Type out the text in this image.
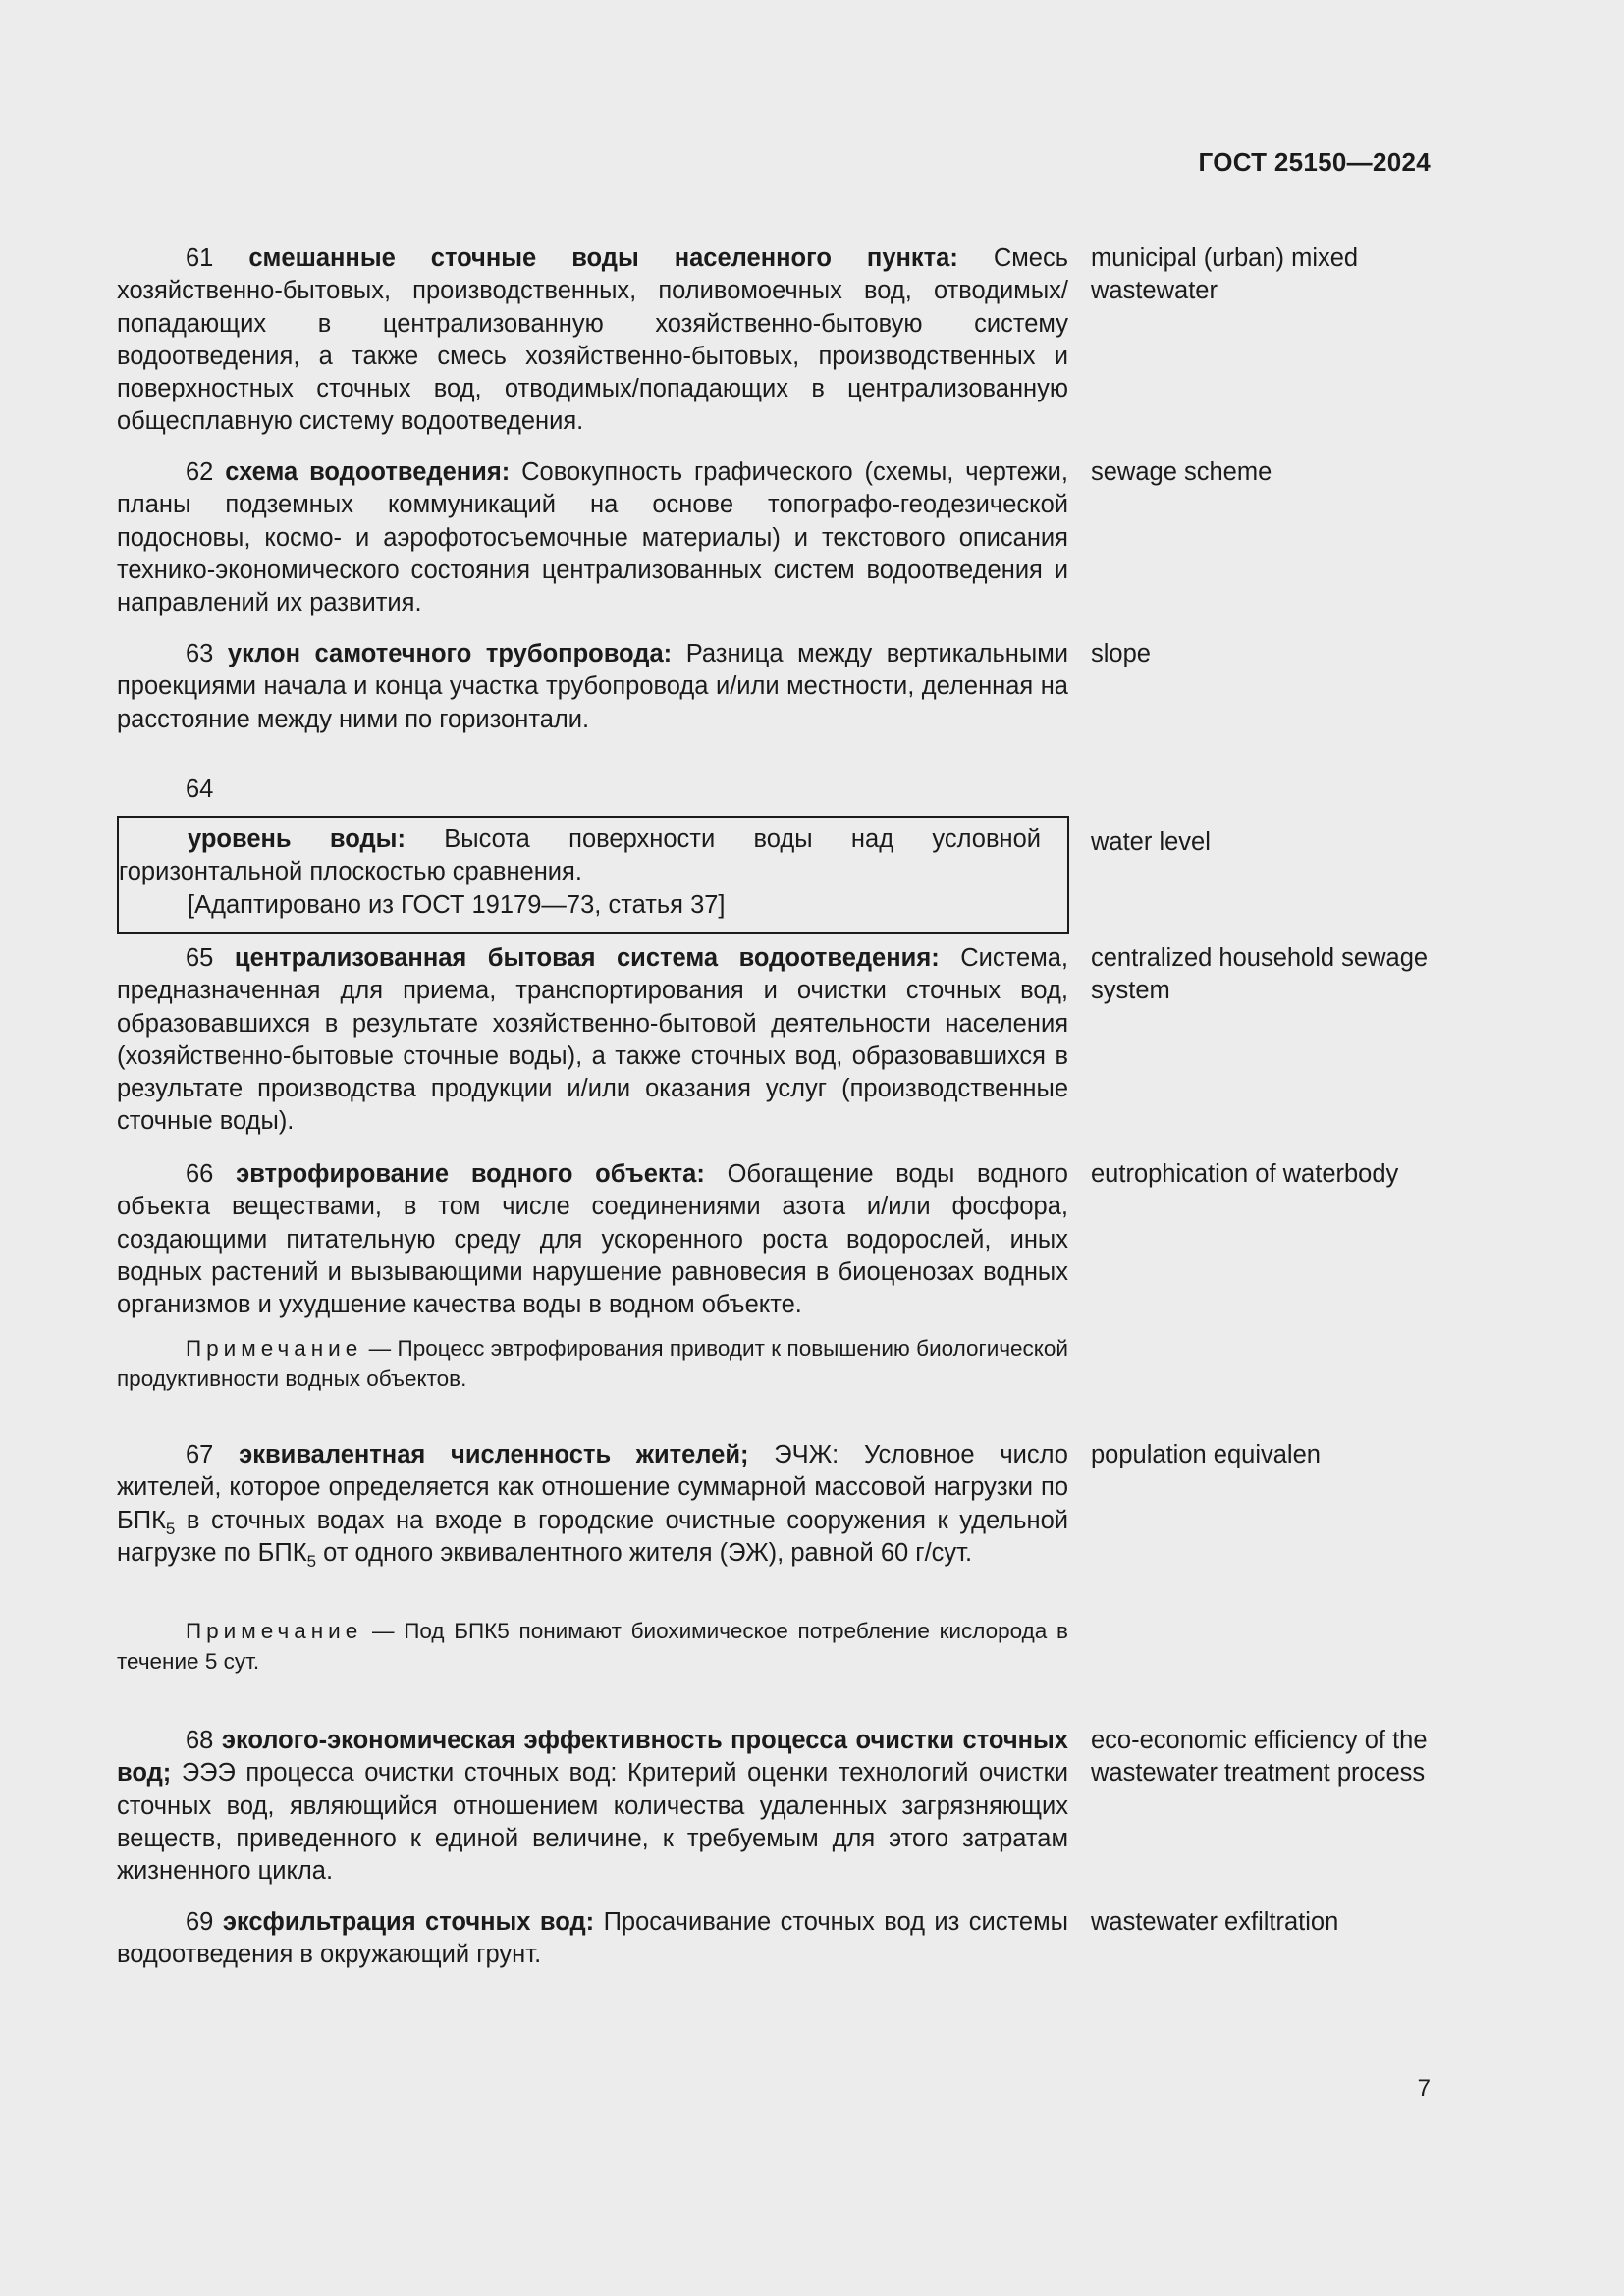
ГОСТ 25150—2024
61 смешанные сточные воды населенного пункта: Смесь хозяйственно-бытовых, производственных, поливомоечных вод, отводимых/попадающих в централизованную хозяйственно-бытовую систему водоотведения, а также смесь хозяйственно-бытовых, производственных и поверхностных сточных вод, отводимых/попадающих в централизованную общесплавную систему водоотведения.
municipal (urban) mixed wastewater
62 схема водоотведения: Совокупность графического (схемы, чертежи, планы подземных коммуникаций на основе топографо-геодезической подосновы, космо- и аэрофотосъемочные материалы) и текстового описания технико-экономического состояния централизованных систем водоотведения и направлений их развития.
sewage scheme
63 уклон самотечного трубопровода: Разница между вертикальными проекциями начала и конца участка трубопровода и/или местности, деленная на расстояние между ними по горизонтали.
slope
64
уровень воды: Высота поверхности воды над условной горизонтальной плоскостью сравнения.
[Адаптировано из ГОСТ 19179—73, статья 37]
water level
65 централизованная бытовая система водоотведения: Система, предназначенная для приема, транспортирования и очистки сточных вод, образовавшихся в результате хозяйственно-бытовой деятельности населения (хозяйственно-бытовые сточные воды), а также сточных вод, образовавшихся в результате производства продукции и/или оказания услуг (производственные сточные воды).
centralized household sewage system
66 эвтрофирование водного объекта: Обогащение воды водного объекта веществами, в том числе соединениями азота и/или фосфора, создающими питательную среду для ускоренного роста водорослей, иных водных растений и вызывающими нарушение равновесия в биоценозах водных организмов и ухудшение качества воды в водном объекте.
eutrophication of waterbody
Примечание — Процесс эвтрофирования приводит к повышению биологической продуктивности водных объектов.
67 эквивалентная численность жителей; ЭЧЖ: Условное число жителей, которое определяется как отношение суммарной массовой нагрузки по $БПК_5$ в сточных водах на входе в городские очистные сооружения к удельной нагрузке по $БПК_5$ от одного эквивалентного жителя (ЭЖ), равной 60 г/сут.
population equivalen
Примечание — Под БПК5 понимают биохимическое потребление кислорода в течение 5 сут.
68 эколого-экономическая эффективность процесса очистки сточных вод; ЭЭЭ процесса очистки сточных вод: Критерий оценки технологий очистки сточных вод, являющийся отношением количества удаленных загрязняющих веществ, приведенного к единой величине, к требуемым для этого затратам жизненного цикла.
eco-economic efficiency of the wastewater treatment process
69 эксфильтрация сточных вод: Просачивание сточных вод из системы водоотведения в окружающий грунт.
wastewater exfiltration
7
